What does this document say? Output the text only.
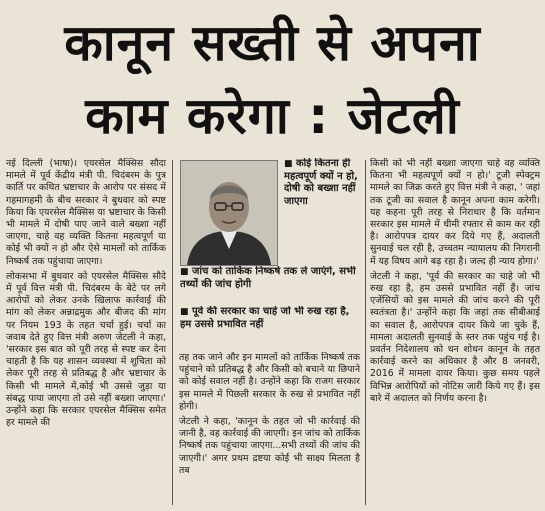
कानून सख्ती से अपना
काम करेगा : जेटली

नई दिल्ली (भाषा)। एयरसेल मैक्सिस सौदा मामले में पूर्व केंद्रीय मंत्री पी. चिदंबरम के पुत्र कार्ति पर कथित भ्रष्टाचार के आरोप पर संसद में गहमागहमी के बीच सरकार ने बुधवार को स्पष्ट किया कि एयरसेल मैक्सिस या भ्रष्टाचार के किसी भी मामले में दोषी पाए जाने वाले बख्शा नहीं जाएगा, चाहे वह व्यक्ति कितना महत्वपूर्ण या कोई भी क्यों न हो और ऐसे मामलों को तार्किक निष्कर्ष तक पहुंचाया जाएगा।

लोकसभा में बुधवार को एयरसेल मैक्सिस सौदे में पूर्व वित्त मंत्री पी. चिदंबरम के बेटे पर लगे आरोपों को लेकर उनके खिलाफ कार्रवाई की मांग को लेकर अन्नाद्रमुक और बीजद की मांग पर नियम 193 के तहत चर्चा हुई। चर्चा का जवाब देते हुए वित्त मंत्री अरुण जेटली ने कहा, 'सरकार इस बात को पूरी तरह से स्पष्ट कर देना चाहती है कि यह शासन व्यवस्था में शुचिता को लेकर पूरी तरह से प्रतिबद्ध है और भ्रष्टाचार के किसी भी मामले में,कोई भी उससे जुड़ा या संबद्ध पाया जाएगा तो उसे नहीं बख्शा जाएगा।' उन्होंने कहा कि सरकार एयरसेल मैक्सिस समेत हर मामले की

■ कोई कितना ही महत्वपूर्ण क्यों न हो, दोषी को बख्शा नहीं जाएगा
■ जांच को तार्किक निष्कर्ष तक ले जाएंगे, सभी तथ्यों की जांच होगी
■ पूर्व की सरकार का चाहे जो भी रुख रहा है, हम उससे प्रभावित नहीं

तह तक जाने और इन मामलों को तार्किक निष्कर्ष तक पहुंचाने को प्रतिबद्ध है और किसी को बचाने या छिपाने को कोई सवाल नहीं है। उन्होंने कहा कि राजग सरकार इस मामले में पिछली सरकार के रुख से प्रभावित नहीं होगी।

जेटली ने कहा, 'कानून के तहत जो भी कार्रवाई की जानी है, वह कार्रवाई की जाएगी। इन जांच को तार्किक निष्कर्ष तक पहुंचाया जाएगा...सभी तथ्यों की जांच की जाएगी।' अगर प्रथम द्रष्टया कोई भी साक्ष्य मिलता है तब

किसी को भी नहीं बख्शा जाएगा चाहे वह व्यक्ति कितना भी महत्वपूर्ण क्यों न हो।' टूजी स्पेक्ट्रम मामले का जिक्र करते हुए वित्त मंत्री ने कहा, ' जहां तक टूजी का सवाल है कानून अपना काम करेगी। यह कहना पूरी तरह से निराधार है कि वर्तमान सरकार इस मामले में धीमी रफ्तार से काम कर रही है। आरोपपत्र दायर कर दिये गए हैं, अदालती सुनवाई चल रही है, उच्चतम न्यायालय की निगरानी में यह विषय आगे बढ़ रहा है। जल्द ही न्याय होगा।'

जेटली ने कहा, 'पूर्व की सरकार का चाहे जो भी रुख रहा है, हम उससे प्रभावित नहीं हैं। जांच एजेंसियों को इस मामले की जांच करने की पूरी स्वतंत्रता है।' उन्होंने कहा कि जहां तक सीबीआई का सवाल है, आरोपपत्र दायर किये जा चुके हैं, मामला अदालती सुनवाई के स्तर तक पहुंच गई है। प्रवर्तन निदेशालय को धन शोधन कानून के तहत कार्रवाई करने का अधिकार है और 8 जनवरी, 2016 में मामला दायर किया। कुछ समय पहले विभिन्न आरोपियों को नोटिस जारी किये गए हैं। इस बारे में अदालत को निर्णय करना है।
